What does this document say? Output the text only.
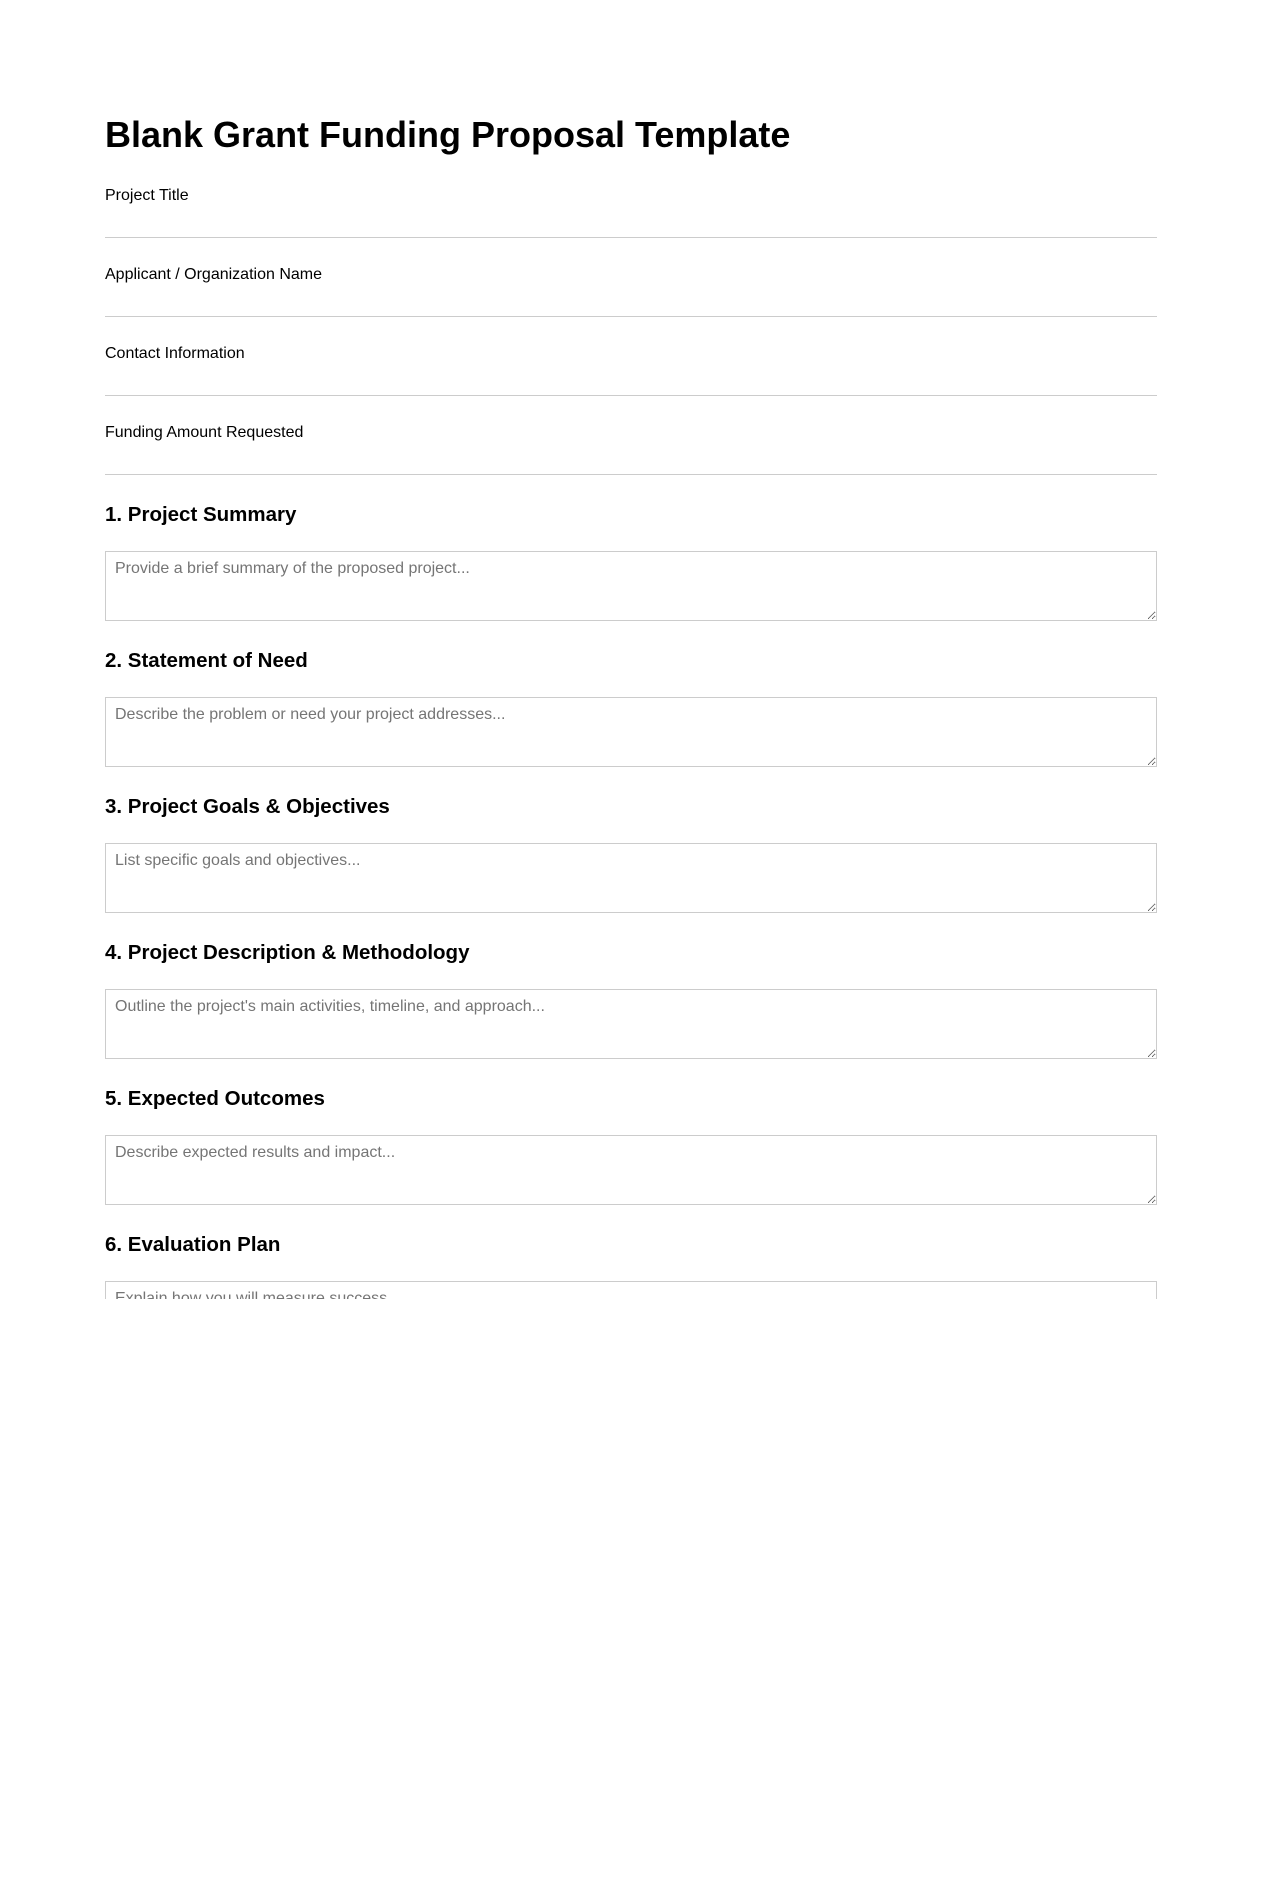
Blank Grant Funding Proposal Template
Project Title
Applicant / Organization Name
Contact Information
Funding Amount Requested
1. Project Summary
Provide a brief summary of the proposed project...
2. Statement of Need
Describe the problem or need your project addresses...
3. Project Goals & Objectives
List specific goals and objectives...
4. Project Description & Methodology
Outline the project's main activities, timeline, and approach...
5. Expected Outcomes
Describe expected results and impact...
6. Evaluation Plan
Explain how you will measure success...
